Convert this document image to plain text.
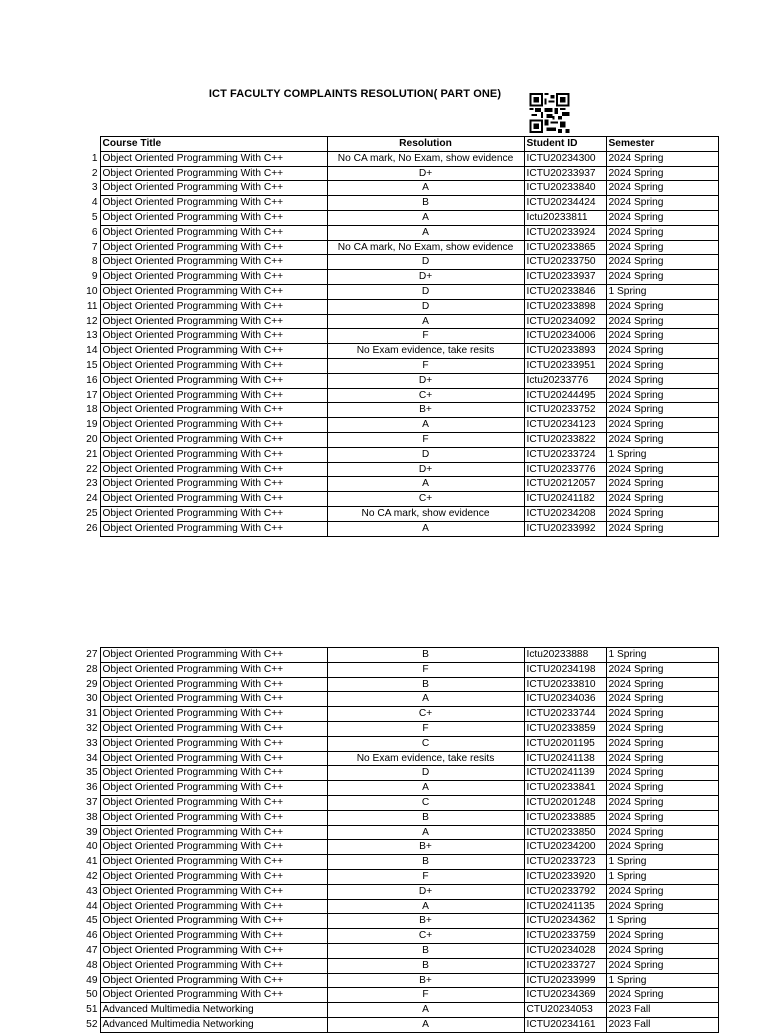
ICT FACULTY COMPLAINTS RESOLUTION( PART ONE)
	Course Title	Resolution	Student ID	Semester
1	Object Oriented Programming With C++	No CA mark, No Exam, show evidence	ICTU20234300	2024 Spring
2	Object Oriented Programming With C++	D+	ICTU20233937	2024 Spring
3	Object Oriented Programming With C++	A	ICTU20233840	2024 Spring
4	Object Oriented Programming With C++	B	ICTU20234424	2024 Spring
5	Object Oriented Programming With C++	A	Ictu20233811	2024 Spring
6	Object Oriented Programming With C++	A	ICTU20233924	2024 Spring
7	Object Oriented Programming With C++	No CA mark, No Exam, show evidence	ICTU20233865	2024 Spring
8	Object Oriented Programming With C++	D	ICTU20233750	2024 Spring
9	Object Oriented Programming With C++	D+	ICTU20233937	2024 Spring
10	Object Oriented Programming With C++	D	ICTU20233846	1 Spring
11	Object Oriented Programming With C++	D	ICTU20233898	2024 Spring
12	Object Oriented Programming With C++	A	ICTU20234092	2024 Spring
13	Object Oriented Programming With C++	F	ICTU20234006	2024 Spring
14	Object Oriented Programming With C++	No Exam evidence, take resits	ICTU20233893	2024 Spring
15	Object Oriented Programming With C++	F	ICTU20233951	2024 Spring
16	Object Oriented Programming With C++	D+	Ictu20233776	2024 Spring
17	Object Oriented Programming With C++	C+	ICTU20244495	2024 Spring
18	Object Oriented Programming With C++	B+	ICTU20233752	2024 Spring
19	Object Oriented Programming With C++	A	ICTU20234123	2024 Spring
20	Object Oriented Programming With C++	F	ICTU20233822	2024 Spring
21	Object Oriented Programming With C++	D	ICTU20233724	1 Spring
22	Object Oriented Programming With C++	D+	ICTU20233776	2024 Spring
23	Object Oriented Programming With C++	A	ICTU20212057	2024 Spring
24	Object Oriented Programming With C++	C+	ICTU20241182	2024 Spring
25	Object Oriented Programming With C++	No CA mark, show evidence	ICTU20234208	2024 Spring
26	Object Oriented Programming With C++	A	ICTU20233992	2024 Spring
27	Object Oriented Programming With C++	B	Ictu20233888	1 Spring
28	Object Oriented Programming With C++	F	ICTU20234198	2024 Spring
29	Object Oriented Programming With C++	B	ICTU20233810	2024 Spring
30	Object Oriented Programming With C++	A	ICTU20234036	2024 Spring
31	Object Oriented Programming With C++	C+	ICTU20233744	2024 Spring
32	Object Oriented Programming With C++	F	ICTU20233859	2024 Spring
33	Object Oriented Programming With C++	C	ICTU20201195	2024 Spring
34	Object Oriented Programming With C++	No Exam evidence, take resits	ICTU20241138	2024 Spring
35	Object Oriented Programming With C++	D	ICTU20241139	2024 Spring
36	Object Oriented Programming With C++	A	ICTU20233841	2024 Spring
37	Object Oriented Programming With C++	C	ICTU20201248	2024 Spring
38	Object Oriented Programming With C++	B	ICTU20233885	2024 Spring
39	Object Oriented Programming With C++	A	ICTU20233850	2024 Spring
40	Object Oriented Programming With C++	B+	ICTU20234200	2024 Spring
41	Object Oriented Programming With C++	B	ICTU20233723	1 Spring
42	Object Oriented Programming With C++	F	ICTU20233920	1 Spring
43	Object Oriented Programming With C++	D+	ICTU20233792	2024 Spring
44	Object Oriented Programming With C++	A	ICTU20241135	2024 Spring
45	Object Oriented Programming With C++	B+	ICTU20234362	1 Spring
46	Object Oriented Programming With C++	C+	ICTU20233759	2024 Spring
47	Object Oriented Programming With C++	B	ICTU20234028	2024 Spring
48	Object Oriented Programming With C++	B	ICTU20233727	2024 Spring
49	Object Oriented Programming With C++	B+	ICTU20233999	1 Spring
50	Object Oriented Programming With C++	F	ICTU20234369	2024 Spring
51	Advanced Multimedia Networking	A	CTU20234053	2023 Fall
52	Advanced Multimedia Networking	A	ICTU20234161	2023 Fall
